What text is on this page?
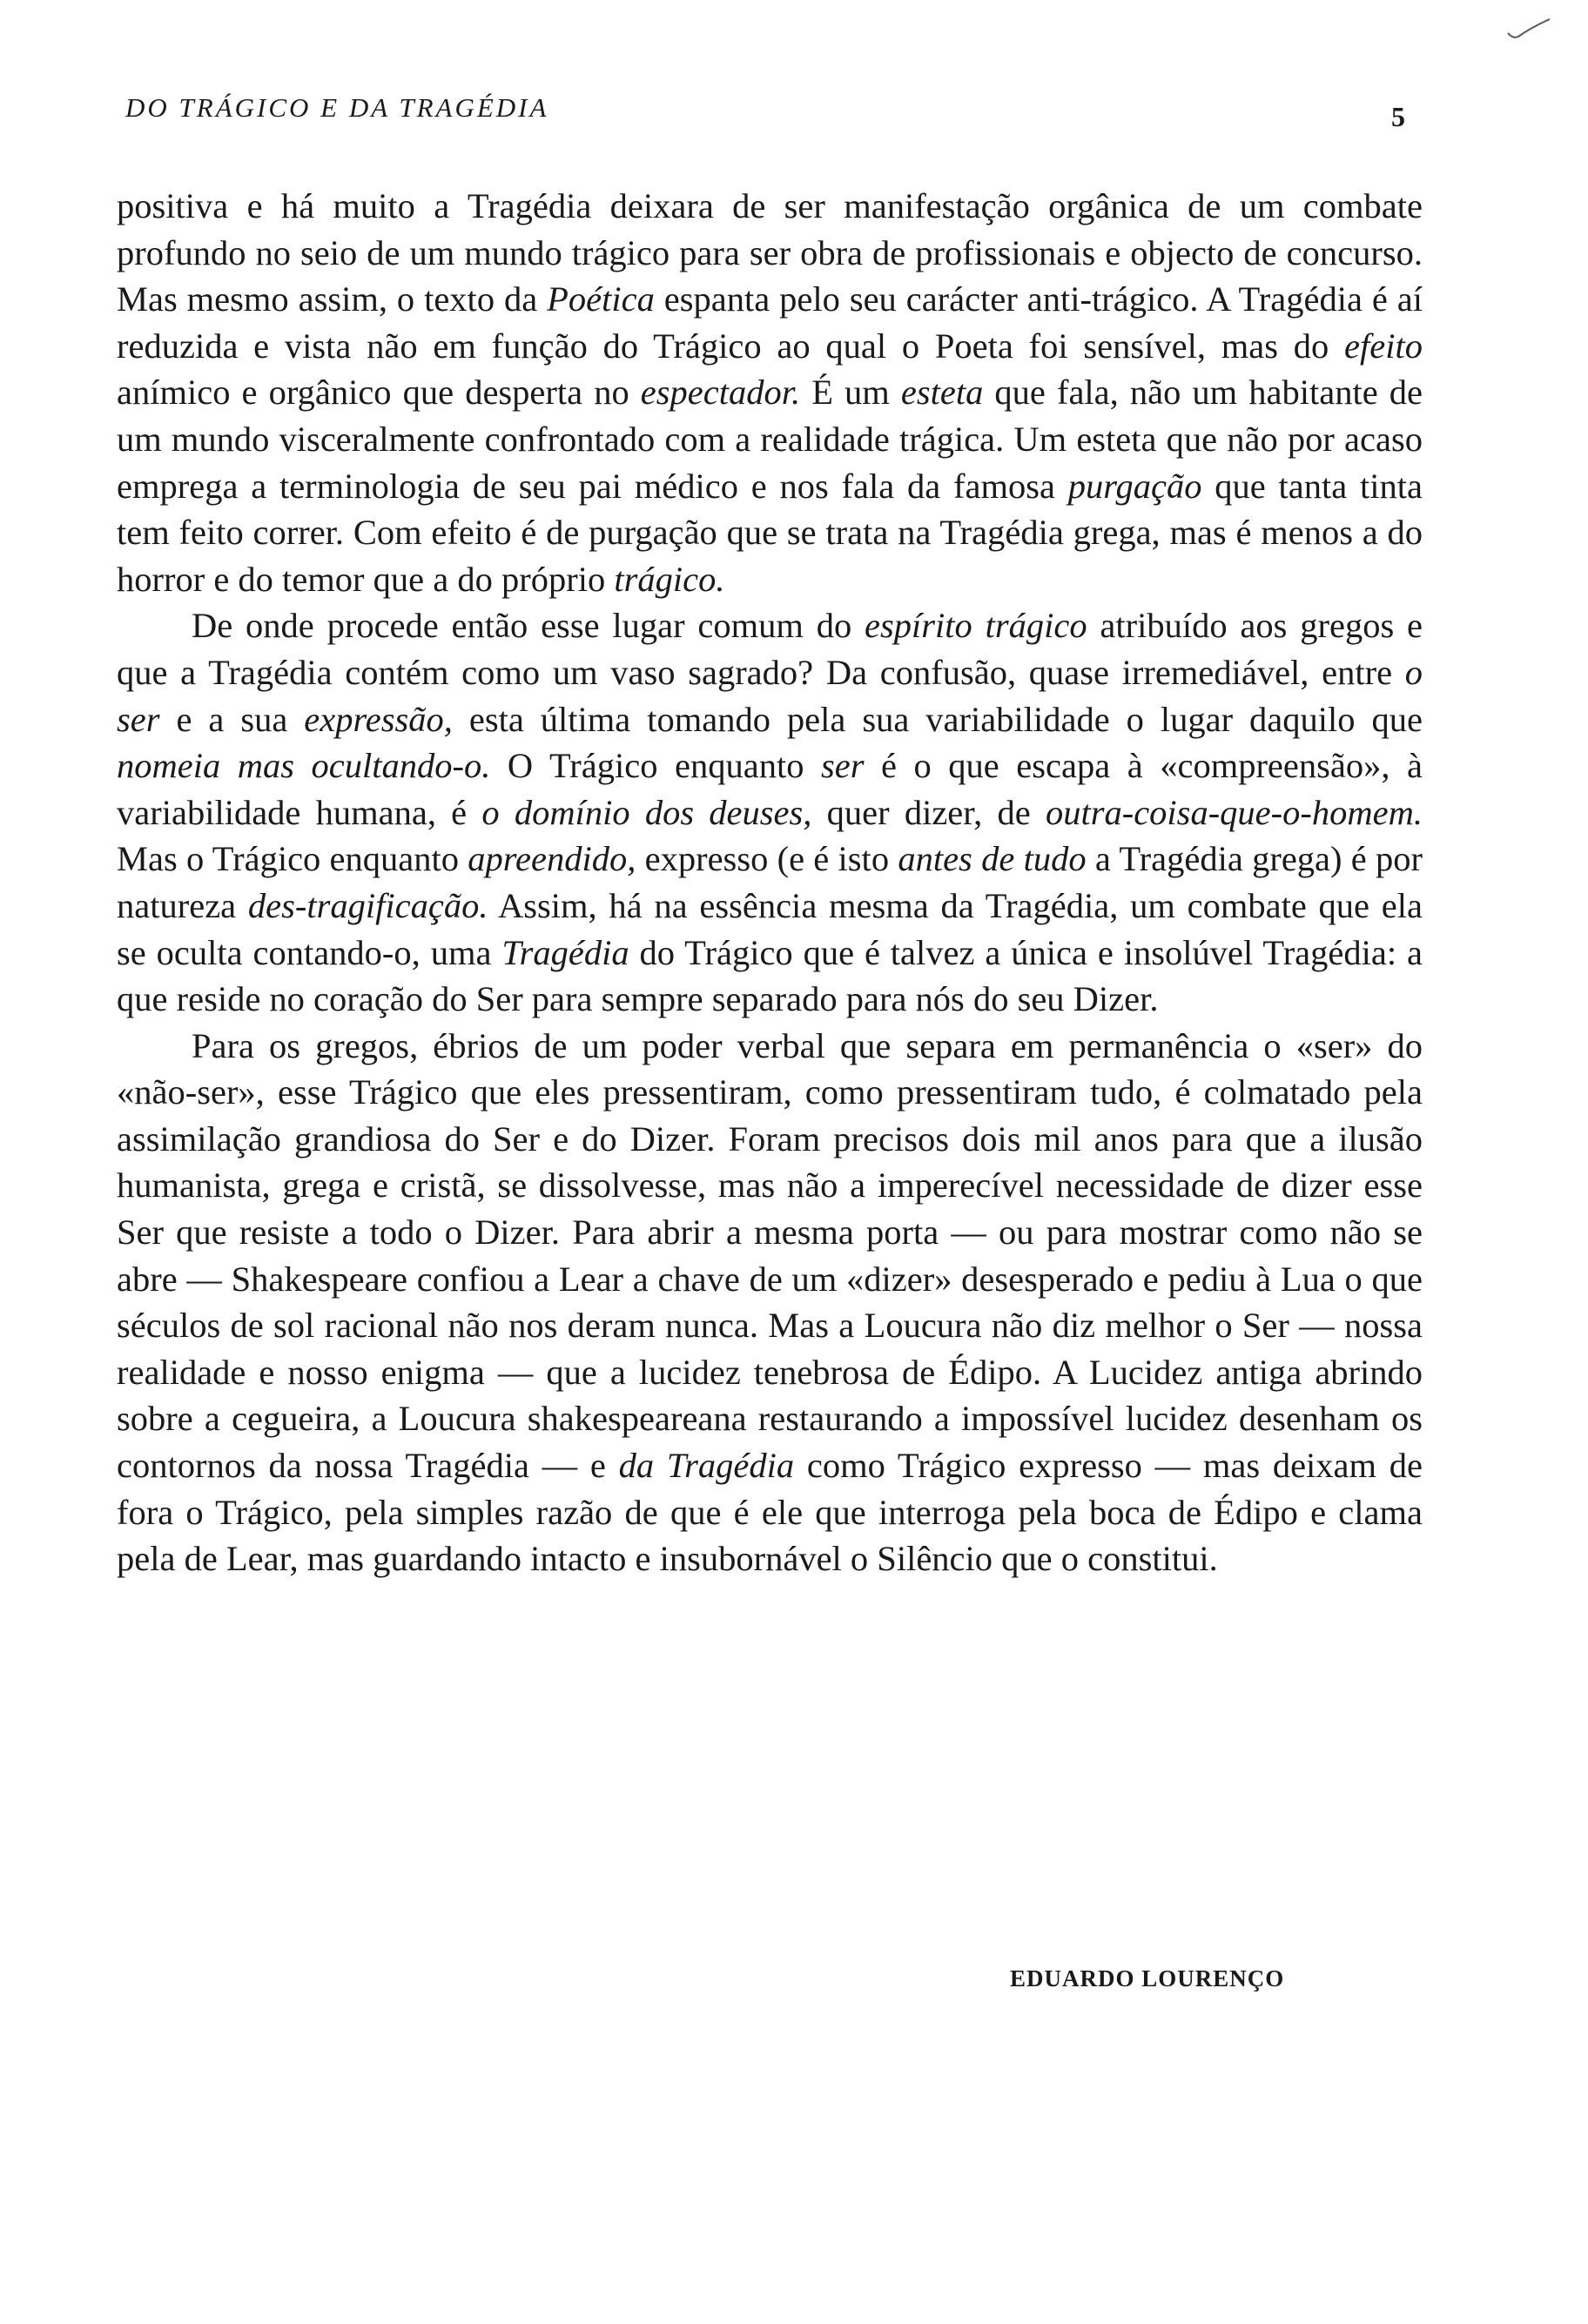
DO TRÁGICO E DA TRAGÉDIA	5

positiva e há muito a Tragédia deixara de ser manifestação orgânica de um combate profundo no seio de um mundo trágico para ser obra de profissionais e objecto de concurso. Mas mesmo assim, o texto da Poética espanta pelo seu carácter anti-trágico. A Tragédia é aí reduzida e vista não em função do Trágico ao qual o Poeta foi sensível, mas do efeito anímico e orgânico que desperta no espectador. É um esteta que fala, não um habitante de um mundo visceralmente confrontado com a realidade trágica. Um esteta que não por acaso emprega a terminologia de seu pai médico e nos fala da famosa purgação que tanta tinta tem feito correr. Com efeito é de purgação que se trata na Tragédia grega, mas é menos a do horror e do temor que a do próprio trágico.

De onde procede então esse lugar comum do espírito trágico atribuído aos gregos e que a Tragédia contém como um vaso sagrado? Da confusão, quase irremediável, entre o ser e a sua expressão, esta última tomando pela sua variabilidade o lugar daquilo que nomeia mas ocultando-o. O Trágico enquanto ser é o que escapa à «compreensão», à variabilidade humana, é o domínio dos deuses, quer dizer, de outra-coisa-que-o-homem. Mas o Trágico enquanto apreendido, expresso (e é isto antes de tudo a Tragédia grega) é por natureza des-tragificação. Assim, há na essência mesma da Tragédia, um combate que ela se oculta contando-o, uma Tragédia do Trágico que é talvez a única e insolúvel Tragédia: a que reside no coração do Ser para sempre separado para nós do seu Dizer.

Para os gregos, ébrios de um poder verbal que separa em permanência o «ser» do «não-ser», esse Trágico que eles pressentiram, como pressentiram tudo, é colmatado pela assimilação grandiosa do Ser e do Dizer. Foram precisos dois mil anos para que a ilusão humanista, grega e cristã, se dissolvesse, mas não a imperecível necessidade de dizer esse Ser que resiste a todo o Dizer. Para abrir a mesma porta — ou para mostrar como não se abre — Shakespeare confiou a Lear a chave de um «dizer» desesperado e pediu à Lua o que séculos de sol racional não nos deram nunca. Mas a Loucura não diz melhor o Ser — nossa realidade e nosso enigma — que a lucidez tenebrosa de Édipo. A Lucidez antiga abrindo sobre a cegueira, a Loucura shakespeareana restaurando a impossível lucidez desenham os contornos da nossa Tragédia — e da Tragédia como Trágico expresso — mas deixam de fora o Trágico, pela simples razão de que é ele que interroga pela boca de Édipo e clama pela de Lear, mas guardando intacto e insubornável o Silêncio que o constitui.

EDUARDO LOURENÇO
